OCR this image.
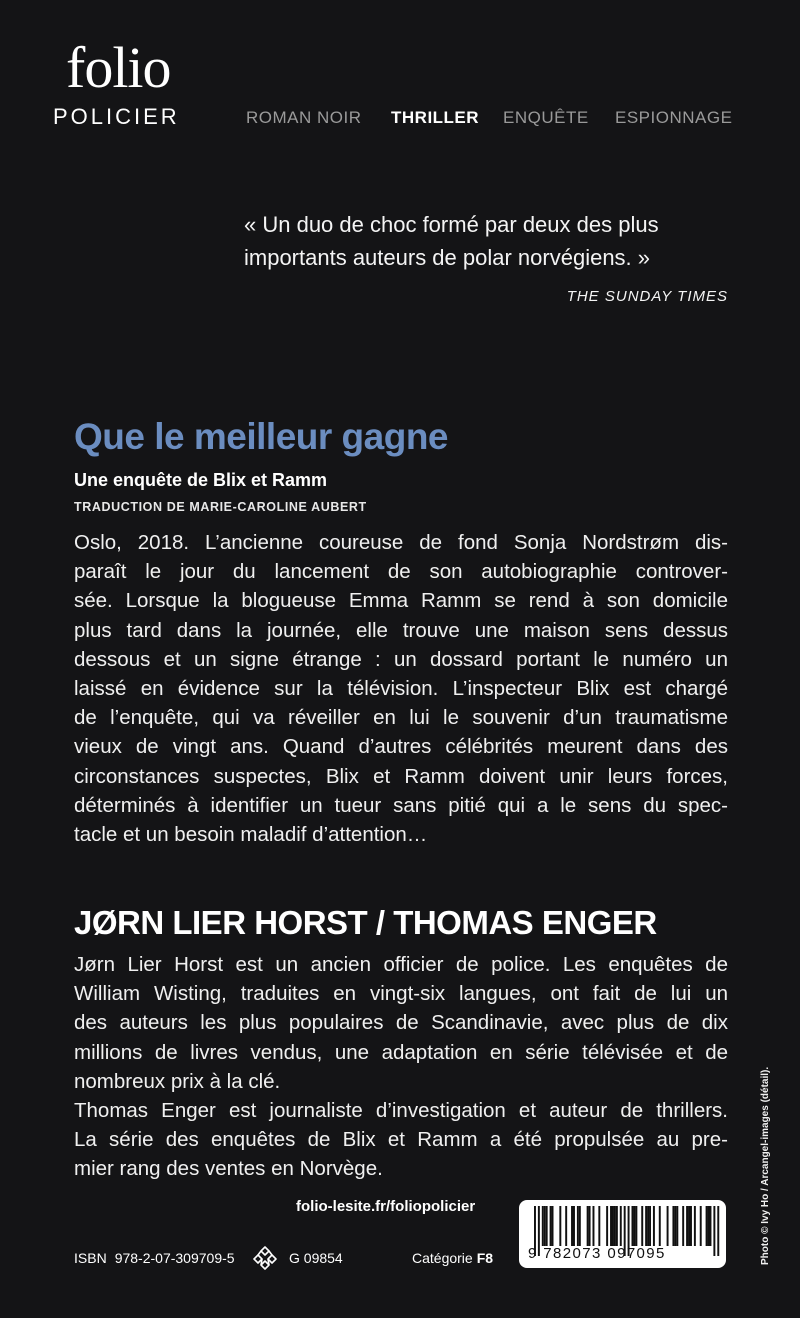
folio
POLICIER	ROMAN NOIR THRILLER ENQUÊTE ESPIONNAGE
« Un duo de choc formé par deux des plus
importants auteurs de polar norvégiens. »
THE SUNDAY TIMES
Que le meilleur gagne
Une enquête de Blix et Ramm
TRADUCTION DE MARIE-CAROLINE AUBERT
Oslo, 2018. L’ancienne coureuse de fond Sonja Nordstrøm dis-
paraît le jour du lancement de son autobiographie controver-
sée. Lorsque la blogueuse Emma Ramm se rend à son domicile
plus tard dans la journée, elle trouve une maison sens dessus
dessous et un signe étrange : un dossard portant le numéro un
laissé en évidence sur la télévision. L’inspecteur Blix est chargé
de l’enquête, qui va réveiller en lui le souvenir d’un traumatisme
vieux de vingt ans. Quand d’autres célébrités meurent dans des
circonstances suspectes, Blix et Ramm doivent unir leurs forces,
déterminés à identifier un tueur sans pitié qui a le sens du spec-
tacle et un besoin maladif d’attention…
JØRN LIER HORST / THOMAS ENGER
Jørn Lier Horst est un ancien officier de police. Les enquêtes de
William Wisting, traduites en vingt-six langues, ont fait de lui un
des auteurs les plus populaires de Scandinavie, avec plus de dix
millions de livres vendus, une adaptation en série télévisée et de
nombreux prix à la clé.
Thomas Enger est journaliste d’investigation et auteur de thrillers.
La série des enquêtes de Blix et Ramm a été propulsée au pre-
mier rang des ventes en Norvège.
folio-lesite.fr/foliopolicier
ISBN 978-2-07-309709-5	G 09854	Catégorie F8 9 782073 097095	Photo © Ivy Ho / Arcangel-images (détail).
